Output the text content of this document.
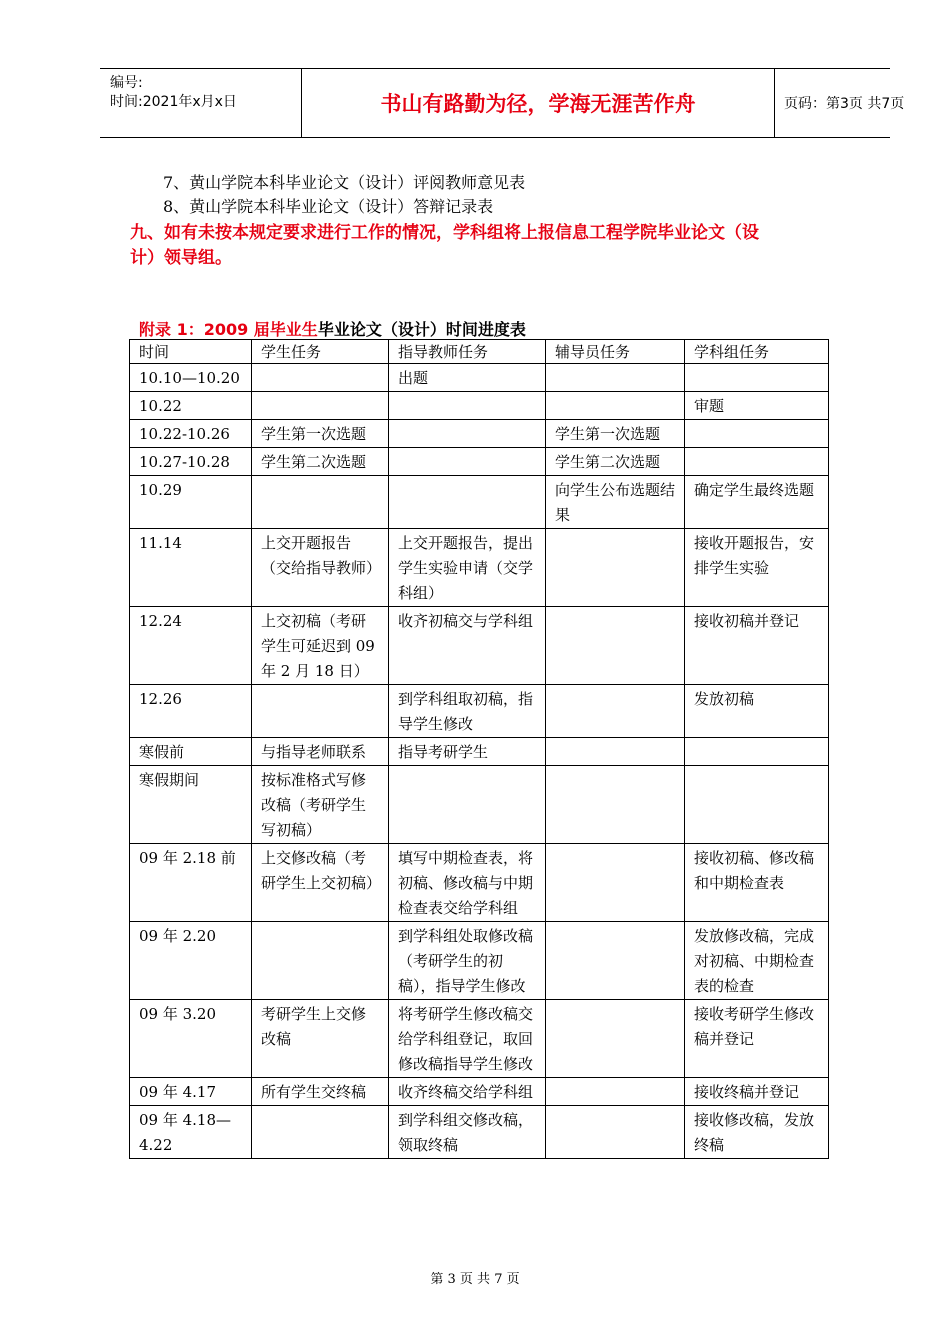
编号:
时间:2021年x月x日	书山有路勤为径，学海无涯苦作舟	页码：第3页 共7页
7、黄山学院本科毕业论文（设计）评阅教师意见表
8、黄山学院本科毕业论文（设计）答辩记录表
九、如有未按本规定要求进行工作的情况，学科组将上报信息工程学院毕业论文（设
计）领导组。
附录 1：2009 届毕业生毕业论文（设计）时间进度表
时间	学生任务	指导教师任务	辅导员任务	学科组任务
10.10—10.20		出题		
10.22				审题
10.22-10.26	学生第一次选题		学生第一次选题	
10.27-10.28	学生第二次选题		学生第二次选题	
10.29			向学生公布选题结果	确定学生最终选题
11.14	上交开题报告（交给指导教师）	上交开题报告，提出学生实验申请（交学科组）		接收开题报告，安排学生实验
12.24	上交初稿（考研学生可延迟到 09 年 2 月 18 日）	收齐初稿交与学科组		接收初稿并登记
12.26		到学科组取初稿，指导学生修改		发放初稿
寒假前	与指导老师联系	指导考研学生		
寒假期间	按标准格式写修改稿（考研学生写初稿）			
09 年 2.18 前	上交修改稿（考研学生上交初稿）	填写中期检查表，将初稿、修改稿与中期检查表交给学科组		接收初稿、修改稿和中期检查表
09 年 2.20		到学科组处取修改稿（考研学生的初稿），指导学生修改		发放修改稿，完成对初稿、中期检查表的检查
09 年 3.20	考研学生上交修改稿	将考研学生修改稿交给学科组登记，取回修改稿指导学生修改		接收考研学生修改稿并登记
09 年 4.17	所有学生交终稿	收齐终稿交给学科组		接收终稿并登记
09 年 4.18—4.22		到学科组交修改稿，领取终稿		接收修改稿，发放终稿
第 3 页 共 7 页
